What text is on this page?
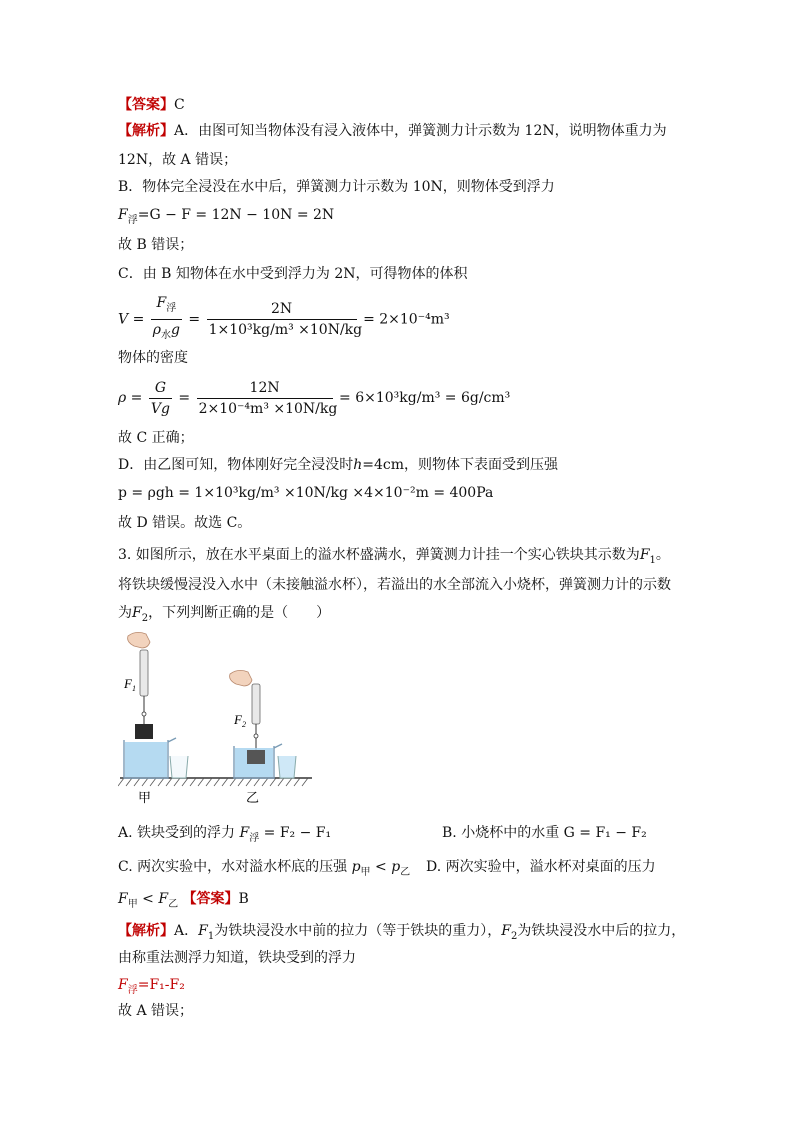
【答案】C
【解析】A．由图可知当物体没有浸入液体中，弹簧测力计示数为 12N，说明物体重力为
12N，故 A 错误；
B．物体完全浸没在水中后，弹簧测力计示数为 10N，则物体受到浮力
$F_浮=G - F = 12N - 10N = 2N$
故 B 错误；
C．由 B 知物体在水中受到浮力为 2N，可得物体的体积
$V = \frac{F_浮}{\rho_水g} = \frac{2N}{\text{1×10³kg/m³ ×10N/kg}} = 2\times 10^{-4}m^3$
物体的密度
$\rho = \frac{G}{Vg} = \frac{12N}{\text{2×10⁻⁴m³ ×10N/kg}} = 6\times 10^3kg/m^3 = 6g/cm^3$
故 C 正确；
D．由乙图可知，物体刚好完全浸没时h=4cm，则物体下表面受到压强
p = ρgh = 1×10³kg/m³ ×10N/kg ×4×10⁻²m = 400Pa
故 D 错误。故选 C。
3. 如图所示，放在水平桌面上的溢水杯盛满水，弹簧测力计挂一个实心铁块其示数为$F_1$。
将铁块缓慢浸没入水中（未接触溢水杯），若溢出的水全部流入小烧杯，弹簧测力计的示数
为$F_2$，下列判断正确的是（　　）
$F_1$
$F_2$
甲	乙
A. 铁块受到的浮力 $F_浮 = F_2 - F_1$	B. 小烧杯中的水重 G = F₁ − F₂
C. 两次实验中，水对溢水杯底的压强 $p_甲 < p_乙$ D. 两次实验中，溢水杯对桌面的压力
$F_甲 < F_乙$ 【答案】B
【解析】A．$F_1$为铁块浸没水中前的拉力（等于铁块的重力），$F_2$为铁块浸没水中后的拉力，
由称重法测浮力知道，铁块受到的浮力
$F_浮=F_1-F_2$
故 A 错误；
